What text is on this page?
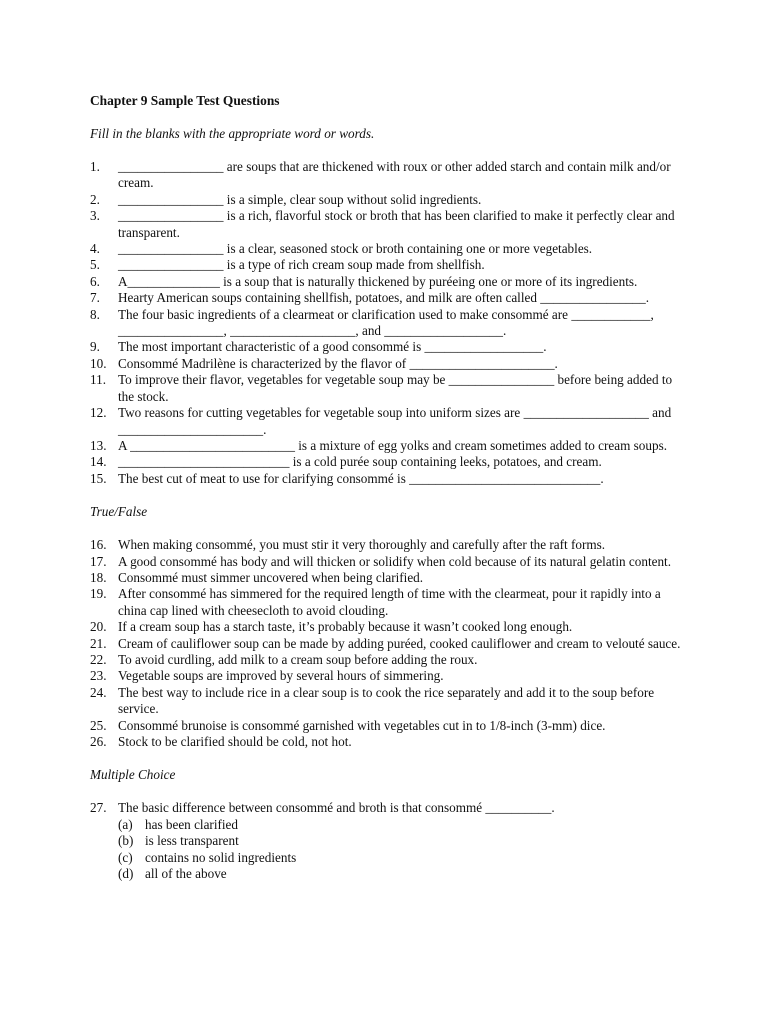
Chapter 9 Sample Test Questions
Fill in the blanks with the appropriate word or words.
1. ________________ are soups that are thickened with roux or other added starch and contain milk and/or cream.
2. ________________ is a simple, clear soup without solid ingredients.
3. ________________ is a rich, flavorful stock or broth that has been clarified to make it perfectly clear and transparent.
4. ________________ is a clear, seasoned stock or broth containing one or more vegetables.
5. ________________ is a type of rich cream soup made from shellfish.
6. A______________ is a soup that is naturally thickened by puréeing one or more of its ingredients.
7. Hearty American soups containing shellfish, potatoes, and milk are often called ________________.
8. The four basic ingredients of a clearmeat or clarification used to make consommé are ____________, ________________, ___________________, and __________________.
9. The most important characteristic of a good consommé is __________________.
10. Consommé Madrilène is characterized by the flavor of ______________________.
11. To improve their flavor, vegetables for vegetable soup may be ________________ before being added to the stock.
12. Two reasons for cutting vegetables for vegetable soup into uniform sizes are ___________________ and ______________________.
13. A _________________________ is a mixture of egg yolks and cream sometimes added to cream soups.
14. __________________________ is a cold purée soup containing leeks, potatoes, and cream.
15. The best cut of meat to use for clarifying consommé is _____________________________.
True/False
16. When making consommé, you must stir it very thoroughly and carefully after the raft forms.
17. A good consommé has body and will thicken or solidify when cold because of its natural gelatin content.
18. Consommé must simmer uncovered when being clarified.
19. After consommé has simmered for the required length of time with the clearmeat, pour it rapidly into a china cap lined with cheesecloth to avoid clouding.
20. If a cream soup has a starch taste, it’s probably because it wasn’t cooked long enough.
21. Cream of cauliflower soup can be made by adding puréed, cooked cauliflower and cream to velouté sauce.
22. To avoid curdling, add milk to a cream soup before adding the roux.
23. Vegetable soups are improved by several hours of simmering.
24. The best way to include rice in a clear soup is to cook the rice separately and add it to the soup before service.
25. Consommé brunoise is consommé garnished with vegetables cut in to 1/8-inch (3-mm) dice.
26. Stock to be clarified should be cold, not hot.
Multiple Choice
27. The basic difference between consommé and broth is that consommé __________.
(a) has been clarified
(b) is less transparent
(c) contains no solid ingredients
(d) all of the above
